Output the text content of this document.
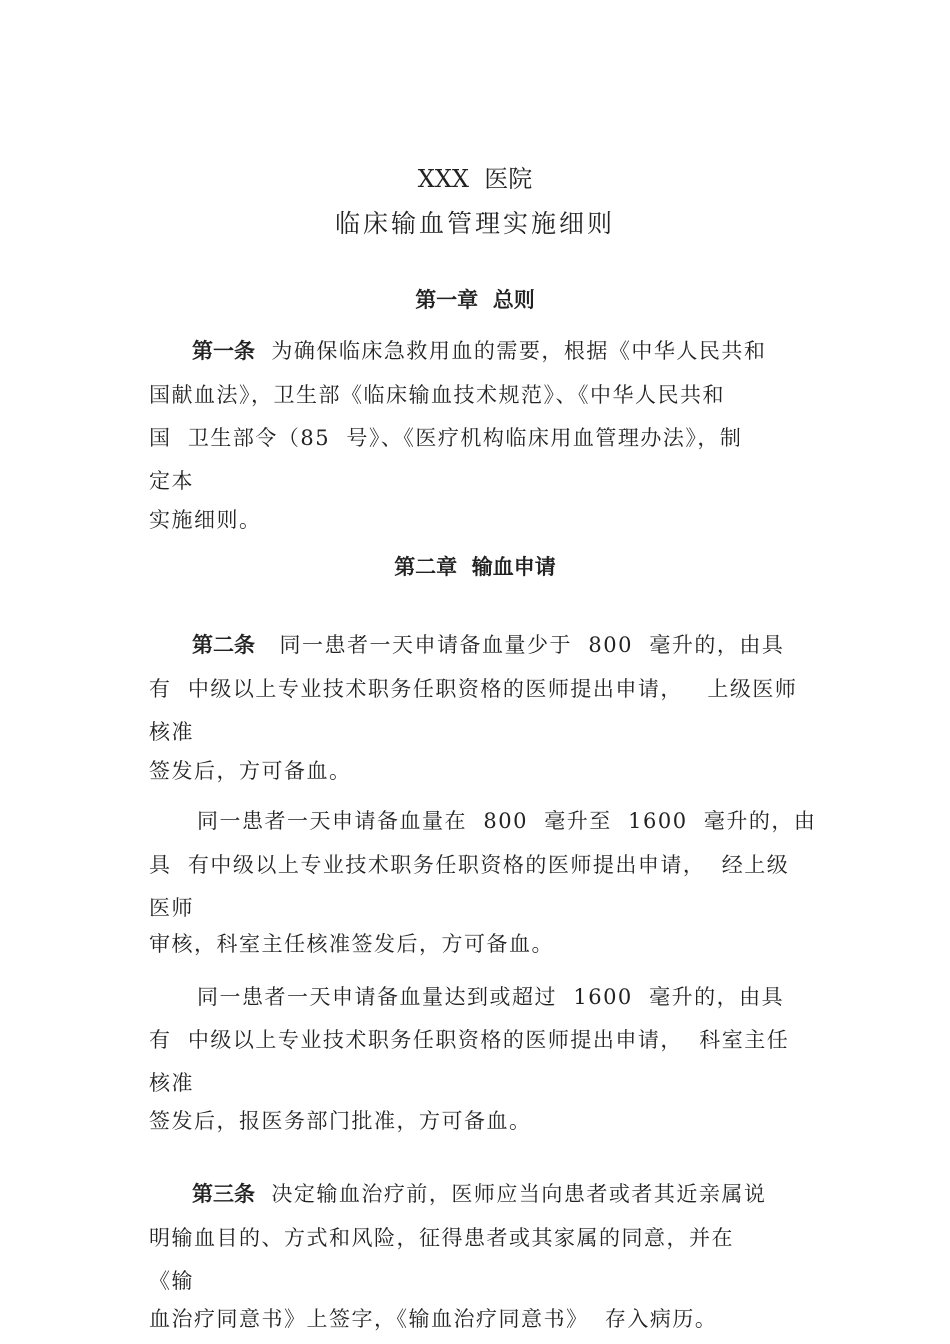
XXX  医院
临床输血管理实施细则
第一章  总则
第一条 为确保临床急救用血的需要，根据《中华人民共和
国献血法》，卫生部《临床输血技术规范》、《中华人民共和
国  卫生部令（85  号》、《医疗机构临床用血管理办法》，制
定本
实施细则。
第二章  输血申请
第二条 同一患者一天申请备血量少于  800  毫升的，由具
有  中级以上专业技术职务任职资格的医师提出申请，   上级医师
核准
签发后，方可备血。
同一患者一天申请备血量在  800  毫升至  1600  毫升的，由
具  有中级以上专业技术职务任职资格的医师提出申请，  经上级
医师
审核，科室主任核准签发后，方可备血。
同一患者一天申请备血量达到或超过  1600  毫升的，由具
有  中级以上专业技术职务任职资格的医师提出申请，  科室主任
核准
签发后，报医务部门批准，方可备血。
第三条 决定输血治疗前，医师应当向患者或者其近亲属说
明输血目的、方式和风险，征得患者或其家属的同意，并在
《输
血治疗同意书》上签字，《输血治疗同意书》  存入病历。
